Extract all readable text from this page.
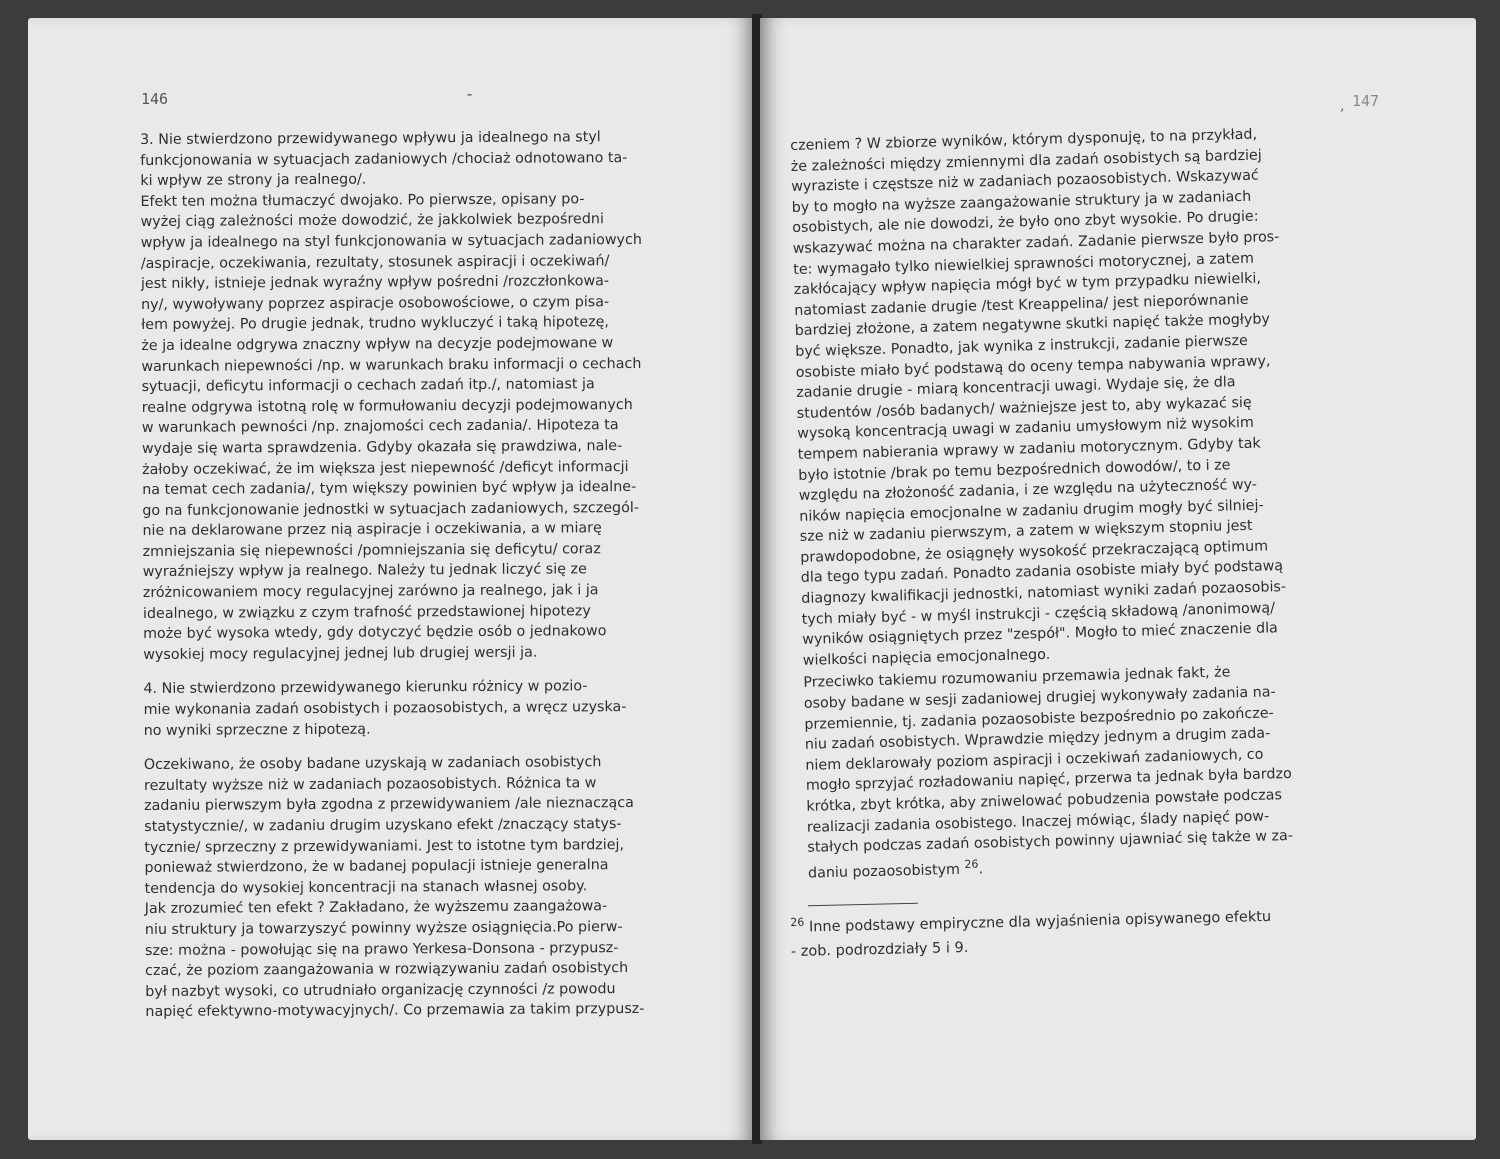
146	⁃
3. Nie stwierdzono przewidywanego wpływu ja idealnego na styl
funkcjonowania w sytuacjach zadaniowych /chociaż odnotowano ta-
ki wpływ ze strony ja realnego/.
Efekt ten można tłumaczyć dwojako. Po pierwsze, opisany po-
wyżej ciąg zależności może dowodzić, że jakkolwiek bezpośredni
wpływ ja idealnego na styl funkcjonowania w sytuacjach zadaniowych
/aspiracje, oczekiwania, rezultaty, stosunek aspiracji i oczekiwań/
jest nikły, istnieje jednak wyraźny wpływ pośredni /rozczłonkowa-
ny/, wywoływany poprzez aspiracje osobowościowe, o czym pisa-
łem powyżej. Po drugie jednak, trudno wykluczyć i taką hipotezę,
że ja idealne odgrywa znaczny wpływ na decyzje podejmowane w
warunkach niepewności /np. w warunkach braku informacji o cechach
sytuacji, deficytu informacji o cechach zadań itp./, natomiast ja
realne odgrywa istotną rolę w formułowaniu decyzji podejmowanych
w warunkach pewności /np. znajomości cech zadania/. Hipoteza ta
wydaje się warta sprawdzenia. Gdyby okazała się prawdziwa, nale-
żałoby oczekiwać, że im większa jest niepewność /deficyt informacji
na temat cech zadania/, tym większy powinien być wpływ ja idealne-
go na funkcjonowanie jednostki w sytuacjach zadaniowych, szczegól-
nie na deklarowane przez nią aspiracje i oczekiwania, a w miarę
zmniejszania się niepewności /pomniejszania się deficytu/ coraz
wyraźniejszy wpływ ja realnego. Należy tu jednak liczyć się ze
zróżnicowaniem mocy regulacyjnej zarówno ja realnego, jak i ja
idealnego, w związku z czym trafność przedstawionej hipotezy
może być wysoka wtedy, gdy dotyczyć będzie osób o jednakowo
wysokiej mocy regulacyjnej jednej lub drugiej wersji ja.
4. Nie stwierdzono przewidywanego kierunku różnicy w pozio-
mie wykonania zadań osobistych i pozaosobistych, a wręcz uzyska-
no wyniki sprzeczne z hipotezą.
Oczekiwano, że osoby badane uzyskają w zadaniach osobistych
rezultaty wyższe niż w zadaniach pozaosobistych. Różnica ta w
zadaniu pierwszym była zgodna z przewidywaniem /ale nieznacząca
statystycznie/, w zadaniu drugim uzyskano efekt /znaczący statys-
tycznie/ sprzeczny z przewidywaniami. Jest to istotne tym bardziej,
ponieważ stwierdzono, że w badanej populacji istnieje generalna
tendencja do wysokiej koncentracji na stanach własnej osoby.
Jak zrozumieć ten efekt ? Zakładano, że wyższemu zaangażowa-
niu struktury ja towarzyszyć powinny wyższe osiągnięcia.Po pierw-
sze: można - powołując się na prawo Yerkesa-Donsona - przypusz-
czać, że poziom zaangażowania w rozwiązywaniu zadań osobistych
był nazbyt wysoki, co utrudniało organizację czynności /z powodu
napięć efektywno-motywacyjnych/. Co przemawia za takim przypusz-
147
‚
czeniem ? W zbiorze wyników, którym dysponuję, to na przykład,
że zależności między zmiennymi dla zadań osobistych są bardziej
wyraziste i częstsze niż w zadaniach pozaosobistych. Wskazywać
by to mogło na wyższe zaangażowanie struktury ja w zadaniach
osobistych, ale nie dowodzi, że było ono zbyt wysokie. Po drugie:
wskazywać można na charakter zadań. Zadanie pierwsze było pros-
te: wymagało tylko niewielkiej sprawności motorycznej, a zatem
zakłócający wpływ napięcia mógł być w tym przypadku niewielki,
natomiast zadanie drugie /test Kreappelina/ jest nieporównanie
bardziej złożone, a zatem negatywne skutki napięć także mogłyby
być większe. Ponadto, jak wynika z instrukcji, zadanie pierwsze
osobiste miało być podstawą do oceny tempa nabywania wprawy,
zadanie drugie - miarą koncentracji uwagi. Wydaje się, że dla
studentów /osób badanych/ ważniejsze jest to, aby wykazać się
wysoką koncentracją uwagi w zadaniu umysłowym niż wysokim
tempem nabierania wprawy w zadaniu motorycznym. Gdyby tak
było istotnie /brak po temu bezpośrednich dowodów/, to i ze
względu na złożoność zadania, i ze względu na użyteczność wy-
ników napięcia emocjonalne w zadaniu drugim mogły być silniej-
sze niż w zadaniu pierwszym, a zatem w większym stopniu jest
prawdopodobne, że osiągnęły wysokość przekraczającą optimum
dla tego typu zadań. Ponadto zadania osobiste miały być podstawą
diagnozy kwalifikacji jednostki, natomiast wyniki zadań pozaosobis-
tych miały być - w myśl instrukcji - częścią składową /anonimową/
wyników osiągniętych przez "zespół". Mogło to mieć znaczenie dla
wielkości napięcia emocjonalnego.
Przeciwko takiemu rozumowaniu przemawia jednak fakt, że
osoby badane w sesji zadaniowej drugiej wykonywały zadania na-
przemiennie, tj. zadania pozaosobiste bezpośrednio po zakończe-
niu zadań osobistych. Wprawdzie między jednym a drugim zada-
niem deklarowały poziom aspiracji i oczekiwań zadaniowych, co
mogło sprzyjać rozładowaniu napięć, przerwa ta jednak była bardzo
krótka, zbyt krótka, aby zniwelować pobudzenia powstałe podczas
realizacji zadania osobistego. Inaczej mówiąc, ślady napięć pow-
stałych podczas zadań osobistych powinny ujawniać się także w za-
daniu pozaosobistym $^{26}$.
$^{26}$ Inne podstawy empiryczne dla wyjaśnienia opisywanego efektu
- zob. podrozdziały 5 i 9.
